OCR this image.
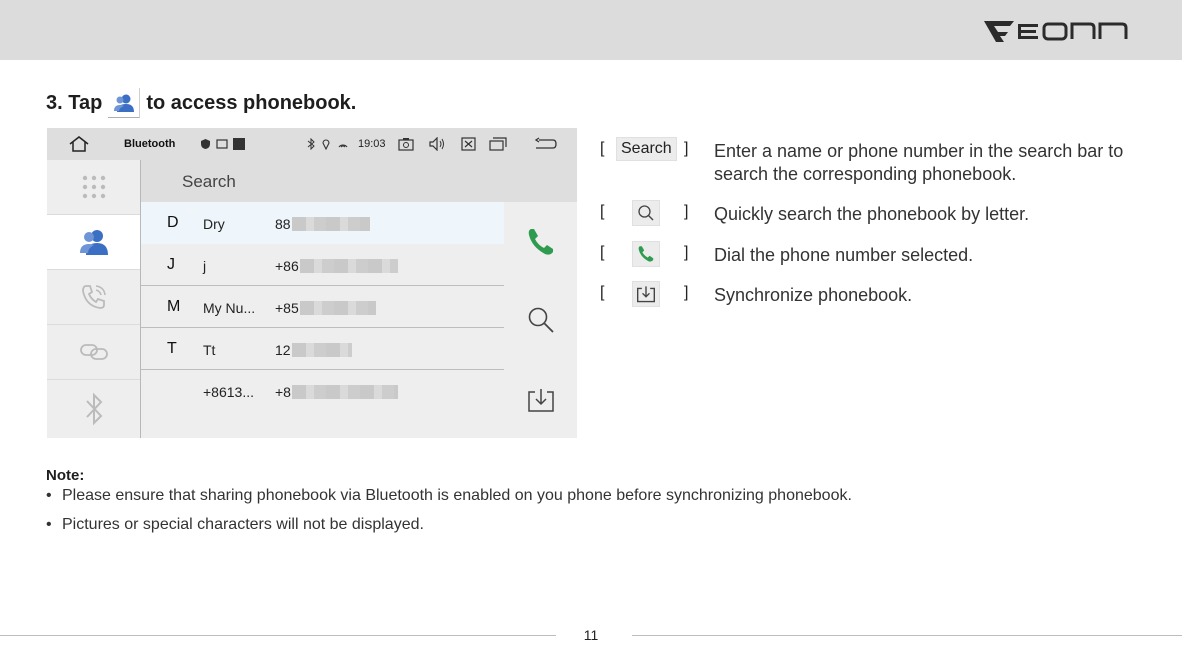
3. Tap to access phonebook.
Bluetooth	19:03
Search
D Dry	88
J j	+86
M My Nu... +85
T Tt	12
+8613... +8
[	Search ] Enter a name or phone number in the search bar to search the corresponding phonebook.
[	] Quickly search the phonebook by letter.
[	] Dial the phone number selected.
[	] Synchronize phonebook.
Note:
• Please ensure that sharing phonebook via Bluetooth is enabled on you phone before synchronizing phonebook.
• Pictures or special characters will not be displayed.
11
